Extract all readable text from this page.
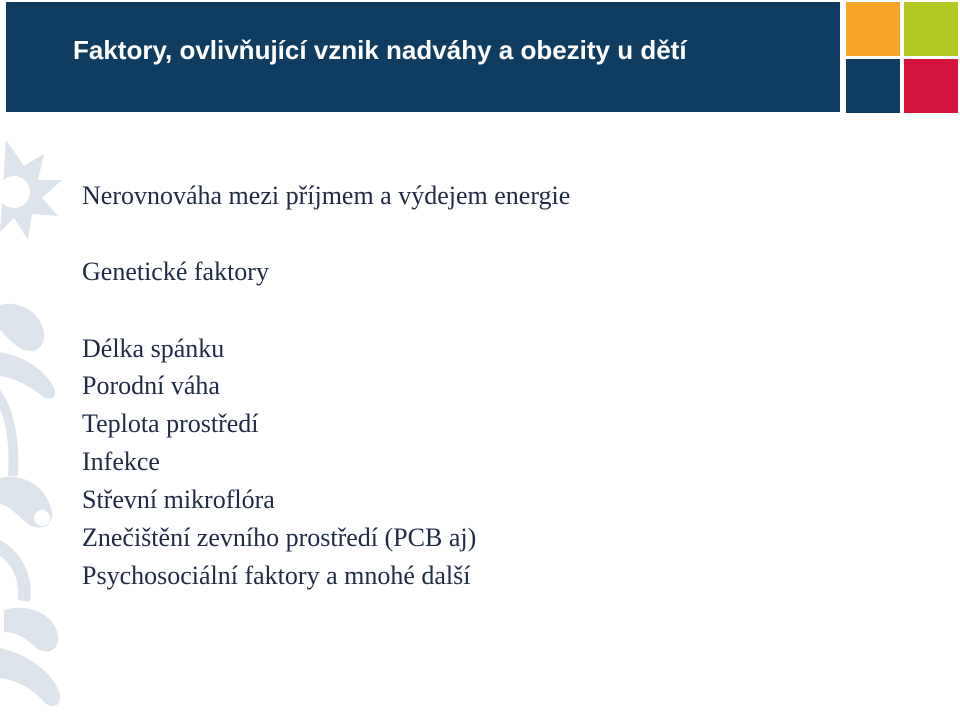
Faktory, ovlivňující vznik nadváhy a obezity u dětí

Nerovnováha mezi příjmem a výdejem energie

Genetické faktory

Délka spánku

Porodní váha

Teplota prostředí

Infekce

Střevní mikroflóra

Znečištění zevního prostředí (PCB aj)

Psychosociální faktory a mnohé další
